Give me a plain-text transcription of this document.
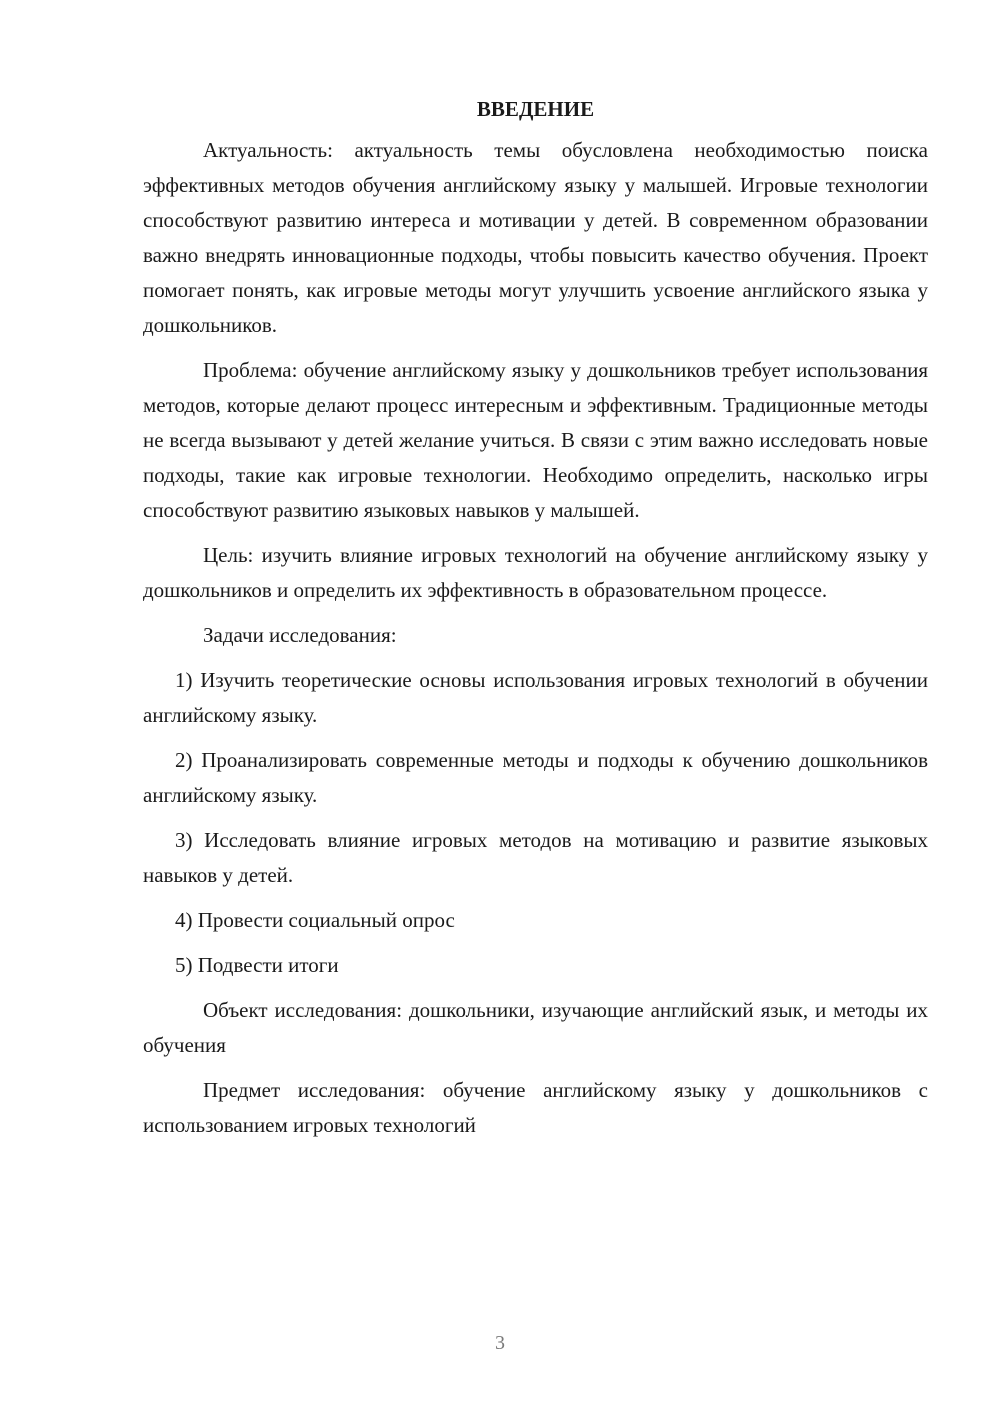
ВВЕДЕНИЕ

Актуальность: актуальность темы обусловлена необходимостью поиска эффективных методов обучения английскому языку у малышей. Игровые технологии способствуют развитию интереса и мотивации у детей. В современном образовании важно внедрять инновационные подходы, чтобы повысить качество обучения. Проект помогает понять, как игровые методы могут улучшить усвоение английского языка у дошкольников.

Проблема: обучение английскому языку у дошкольников требует использования методов, которые делают процесс интересным и эффективным. Традиционные методы не всегда вызывают у детей желание учиться. В связи с этим важно исследовать новые подходы, такие как игровые технологии. Необходимо определить, насколько игры способствуют развитию языковых навыков у малышей.

Цель: изучить влияние игровых технологий на обучение английскому языку у дошкольников и определить их эффективность в образовательном процессе.

Задачи исследования:

1) Изучить теоретические основы использования игровых технологий в обучении английскому языку.

2) Проанализировать современные методы и подходы к обучению дошкольников английскому языку.

3) Исследовать влияние игровых методов на мотивацию и развитие языковых навыков у детей.

4) Провести социальный опрос

5) Подвести итоги

Объект исследования: дошкольники, изучающие английский язык, и методы их обучения

Предмет исследования: обучение английскому языку у дошкольников с использованием игровых технологий

3
